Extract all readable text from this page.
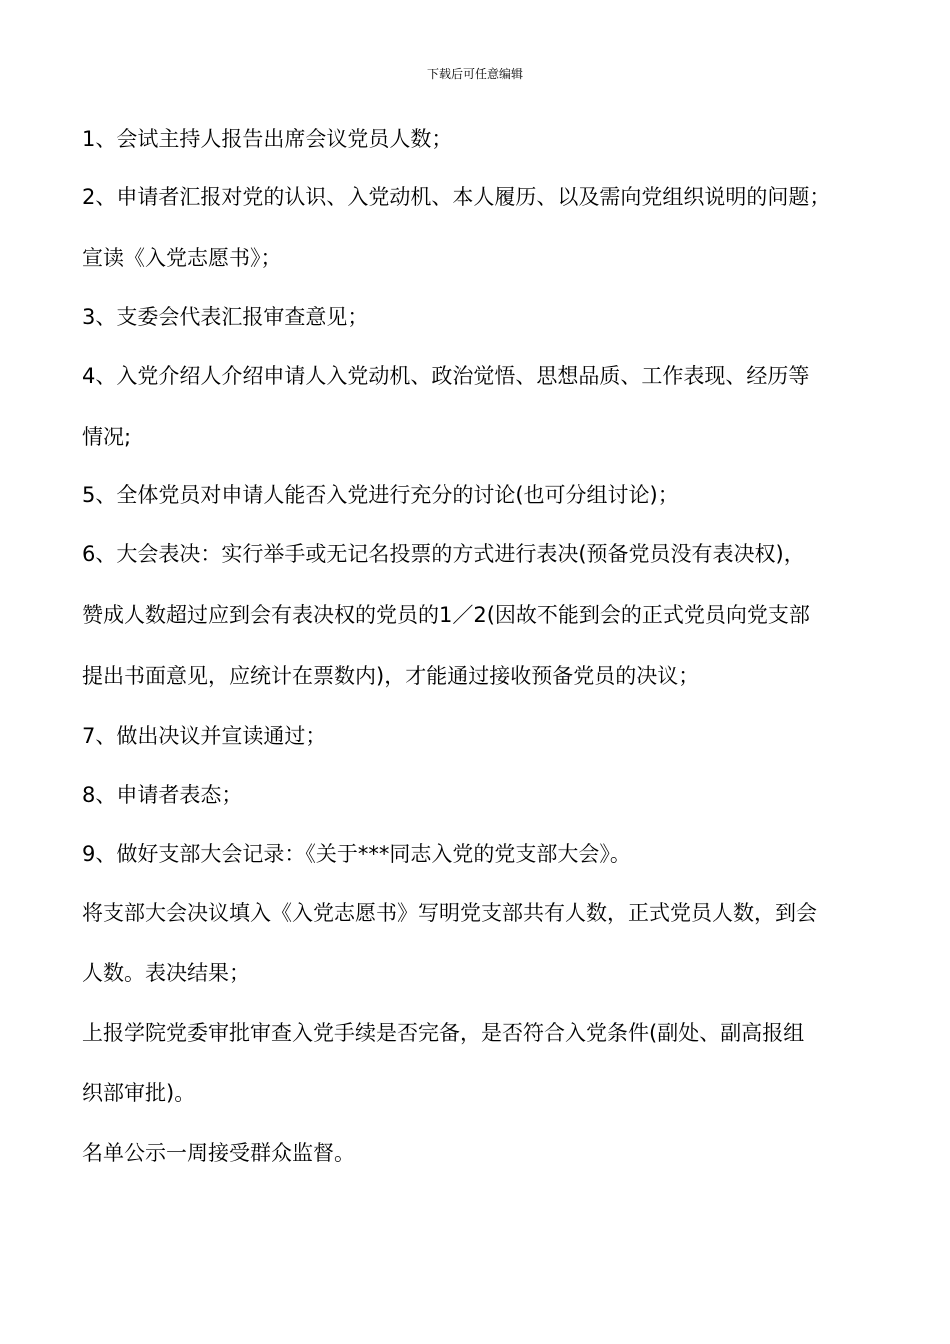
下载后可任意编辑
1、会试主持人报告出席会议党员人数；
2、申请者汇报对党的认识、入党动机、本人履历、以及需向党组织说明的问题；
宣读《入党志愿书》；
3、支委会代表汇报审查意见；
4、入党介绍人介绍申请人入党动机、政治觉悟、思想品质、工作表现、经历等
情况;
5、全体党员对申请人能否入党进行充分的讨论(也可分组讨论)；
6、大会表决：实行举手或无记名投票的方式进行表决(预备党员没有表决权)，
赞成人数超过应到会有表决权的党员的1／2(因故不能到会的正式党员向党支部
提出书面意见，应统计在票数内)，才能通过接收预备党员的决议；
7、做出决议并宣读通过；
8、申请者表态；
9、做好支部大会记录：《关于***同志入党的党支部大会》。
将支部大会决议填入《入党志愿书》写明党支部共有人数，正式党员人数，到会
人数。表决结果；
上报学院党委审批审查入党手续是否完备，是否符合入党条件(副处、副高报组
织部审批)。
名单公示一周接受群众监督。
